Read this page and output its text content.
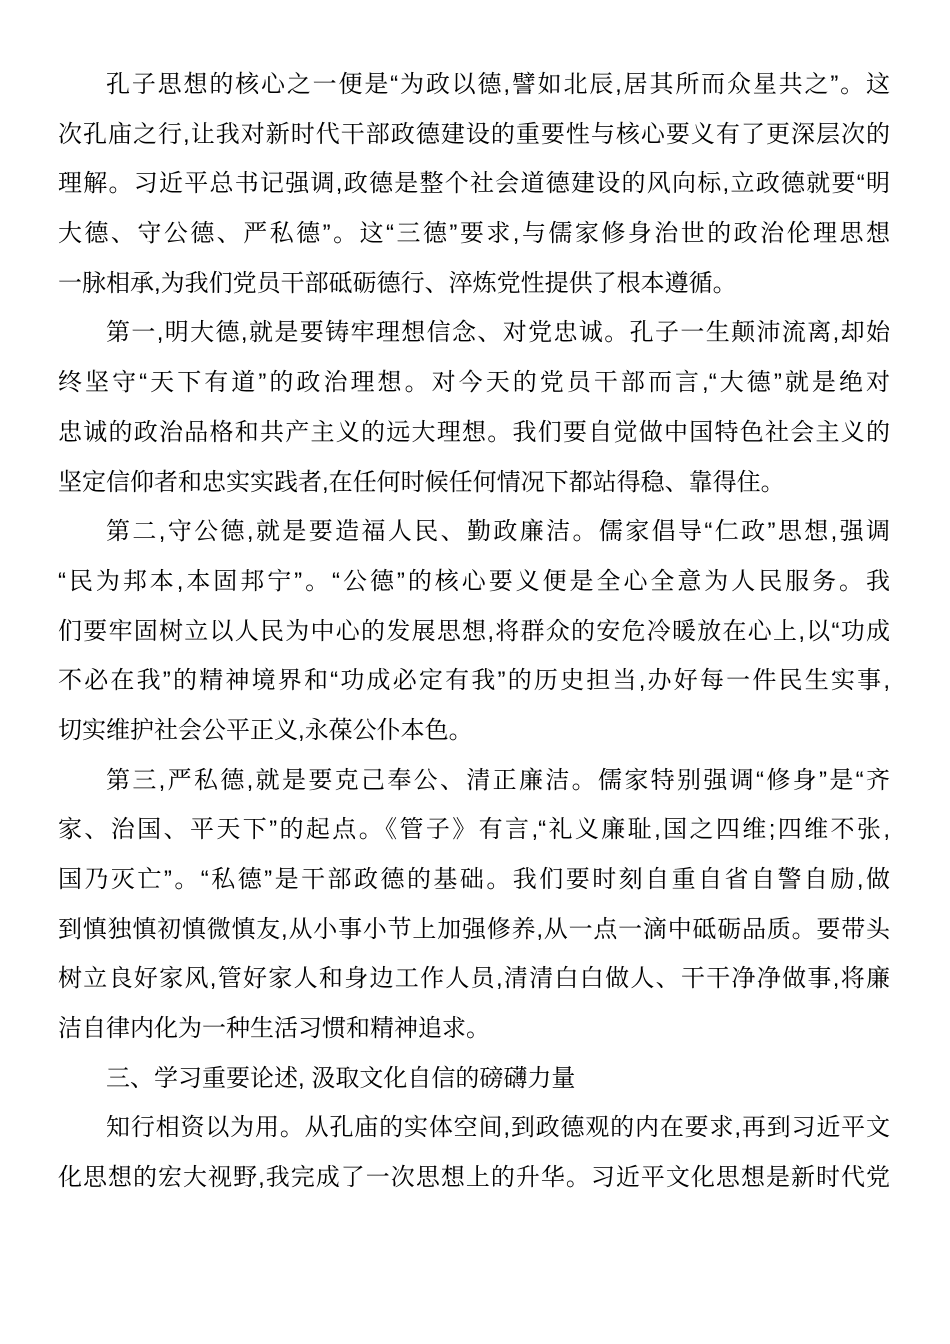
孔子思想的核心之一便是“为政以德,譬如北辰,居其所而众星共之”。这
次孔庙之行,让我对新时代干部政德建设的重要性与核心要义有了更深层次的
理解。习近平总书记强调,政德是整个社会道德建设的风向标,立政德就要“明
大德、守公德、严私德”。这“三德”要求,与儒家修身治世的政治伦理思想
一脉相承,为我们党员干部砥砺德行、淬炼党性提供了根本遵循。
第一,明大德,就是要铸牢理想信念、对党忠诚。孔子一生颠沛流离,却始
终坚守“天下有道”的政治理想。对今天的党员干部而言,“大德”就是绝对
忠诚的政治品格和共产主义的远大理想。我们要自觉做中国特色社会主义的
坚定信仰者和忠实实践者,在任何时候任何情况下都站得稳、靠得住。
第二,守公德,就是要造福人民、勤政廉洁。儒家倡导“仁政”思想,强调
“民为邦本,本固邦宁”。“公德”的核心要义便是全心全意为人民服务。我
们要牢固树立以人民为中心的发展思想,将群众的安危冷暖放在心上,以“功成
不必在我”的精神境界和“功成必定有我”的历史担当,办好每一件民生实事,
切实维护社会公平正义,永葆公仆本色。
第三,严私德,就是要克己奉公、清正廉洁。儒家特别强调“修身”是“齐
家、治国、平天下”的起点。《管子》有言,“礼义廉耻,国之四维;四维不张,
国乃灭亡”。“私德”是干部政德的基础。我们要时刻自重自省自警自励,做
到慎独慎初慎微慎友,从小事小节上加强修养,从一点一滴中砥砺品质。要带头
树立良好家风,管好家人和身边工作人员,清清白白做人、干干净净做事,将廉
洁自律内化为一种生活习惯和精神追求。
三、学习重要论述, 汲取文化自信的磅礴力量
知行相资以为用。从孔庙的实体空间,到政德观的内在要求,再到习近平文
化思想的宏大视野,我完成了一次思想上的升华。习近平文化思想是新时代党
